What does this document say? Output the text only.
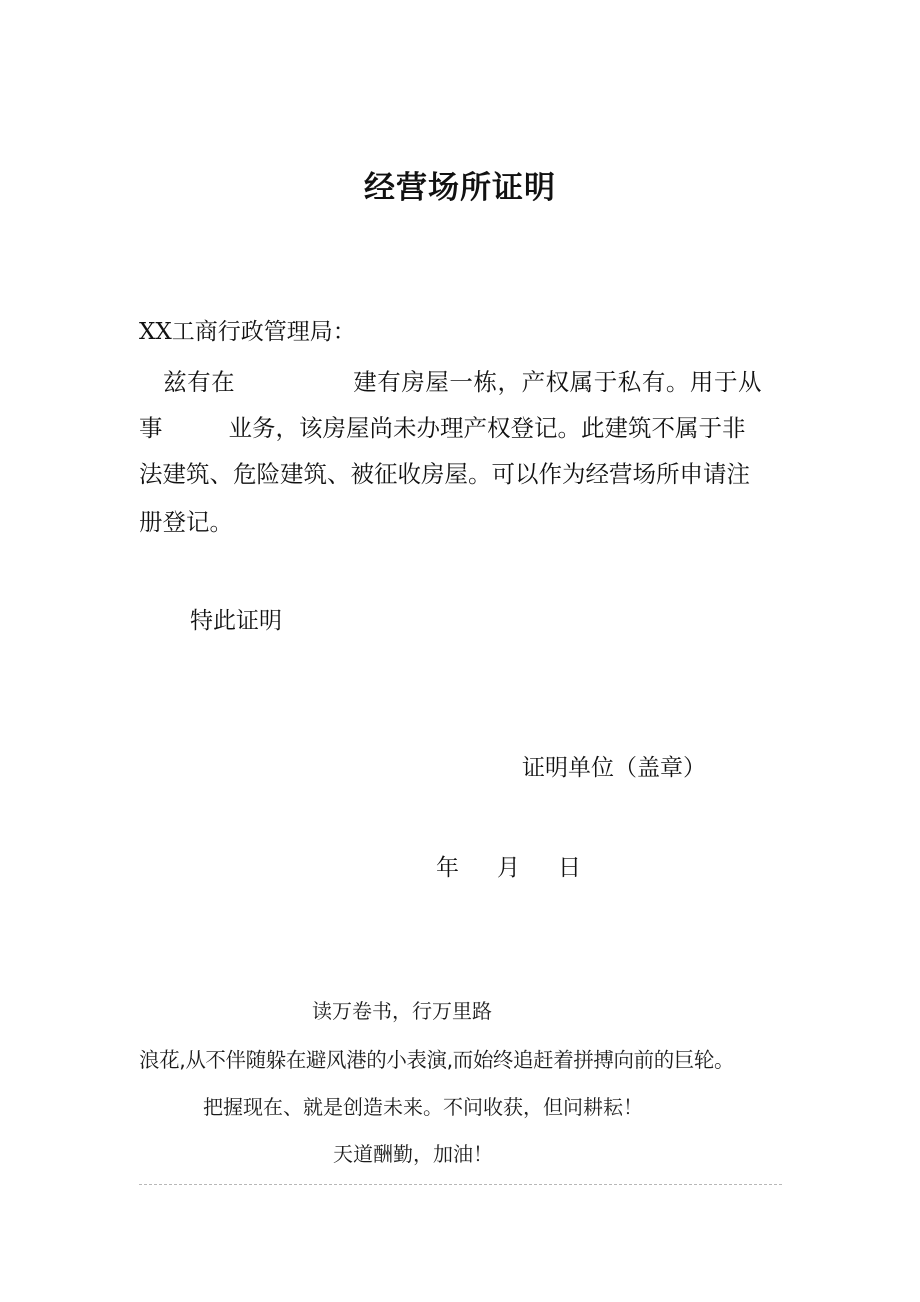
经营场所证明

XX工商行政管理局：

　兹有在	建有房屋一栋，产权属于私有。用于从

事	业务，该房屋尚未办理产权登记。此建筑不属于非

法建筑、危险建筑、被征收房屋。可以作为经营场所申请注

册登记。

特此证明

证明单位（盖章）

年 月 日

读万卷书，行万里路

浪花,从不伴随躲在避风港的小表演,而始终追赶着拼搏向前的巨轮。

把握现在、就是创造未来。不问收获，但问耕耘！

天道酬勤，加油！
